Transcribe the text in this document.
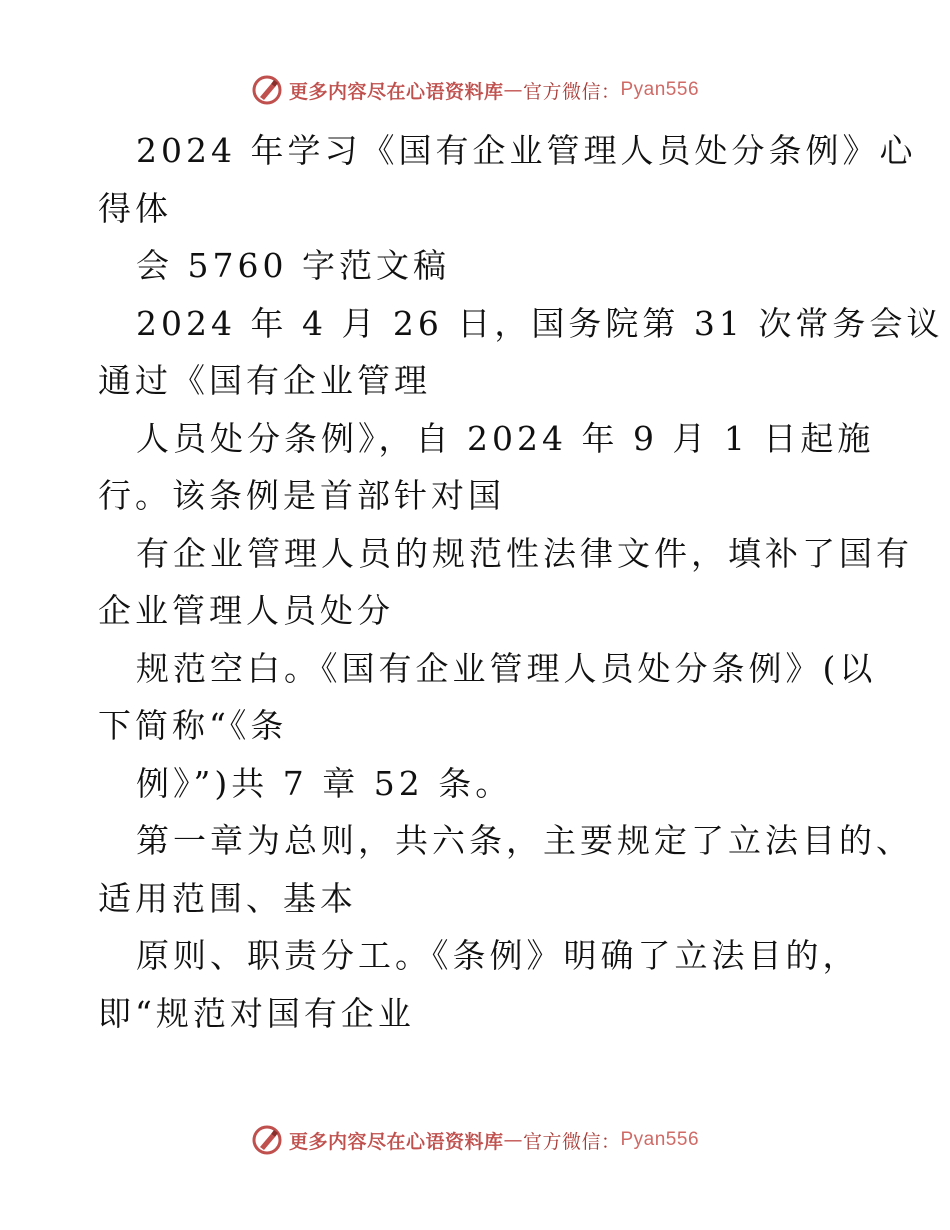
更多内容尽在心语资料库 — 官方微信： Pyan556
2024 年学习《国有企业管理人员处分条例》心
得体
会 5760 字范文稿
2024 年 4 月 26 日，国务院第 31 次常务会议
通过《国有企业管理
人员处分条例》，自 2024 年 9 月 1 日起施
行。该条例是首部针对国
有企业管理人员的规范性法律文件，填补了国有
企业管理人员处分
规范空白。《国有企业管理人员处分条例》(以
下简称“《条
例》”)共 7 章 52 条。
第一章为总则，共六条，主要规定了立法目的、
适用范围、基本
原则、职责分工。《条例》明确了立法目的，
即“规范对国有企业
更多内容尽在心语资料库 — 官方微信： Pyan556
